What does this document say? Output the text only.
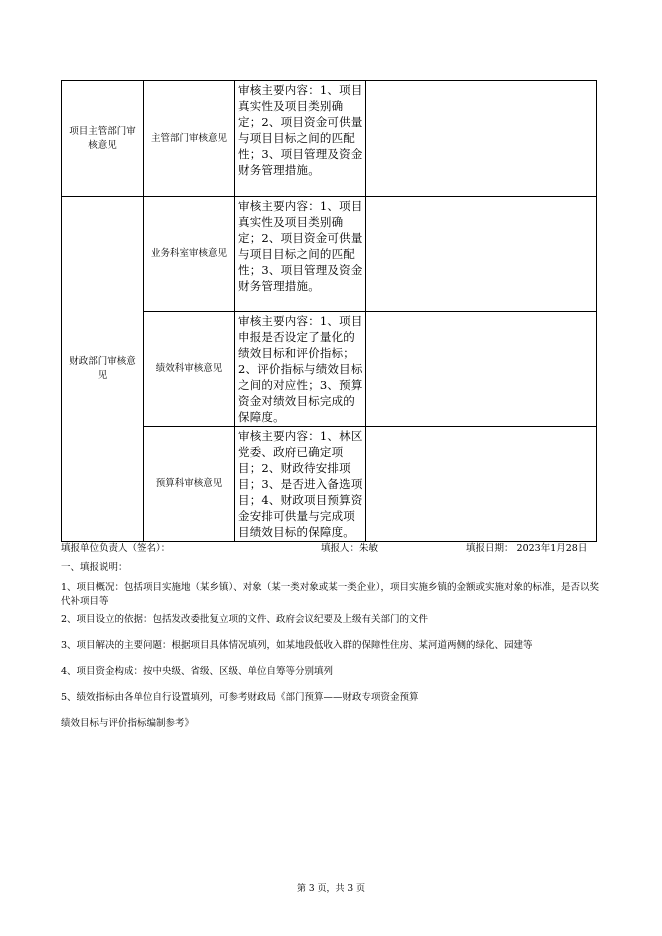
项目主管部门审核意见	主管部门审核意见	审核主要内容：1、项目真实性及项目类别确定；2、项目资金可供量与项目目标之间的匹配性；3、项目管理及资金财务管理措施。	
财政部门审核意见	业务科室审核意见	审核主要内容：1、项目真实性及项目类别确定；2、项目资金可供量与项目目标之间的匹配性；3、项目管理及资金财务管理措施。	
	绩效科审核意见	审核主要内容：1、项目申报是否设定了量化的绩效目标和评价指标；2、评价指标与绩效目标之间的对应性；3、预算资金对绩效目标完成的保障度。	
	预算科审核意见	审核主要内容：1、林区党委、政府已确定项目；2、财政待安排项目；3、是否进入备选项目；4、财政项目预算资金安排可供量与完成项目绩效目标的保障度。	
填报单位负责人（签名）：	填报人：朱敏	填报日期： 2023年1月28日
一、填报说明：
1、项目概况：包括项目实施地（某乡镇）、对象（某一类对象或某一类企业），项目实施乡镇的金额或实施对象的标准，是否以奖代补项目等
2、项目设立的依据：包括发改委批复立项的文件、政府会议纪要及上级有关部门的文件
3、项目解决的主要问题：根据项目具体情况填列，如某地段低收入群的保障性住房、某河道两侧的绿化、园建等
4、项目资金构成：按中央级、省级、区级、单位自筹等分别填列
5、绩效指标由各单位自行设置填列，可参考财政局《部门预算——财政专项资金预算
绩效目标与评价指标编制参考》
第 3 页，共 3 页
